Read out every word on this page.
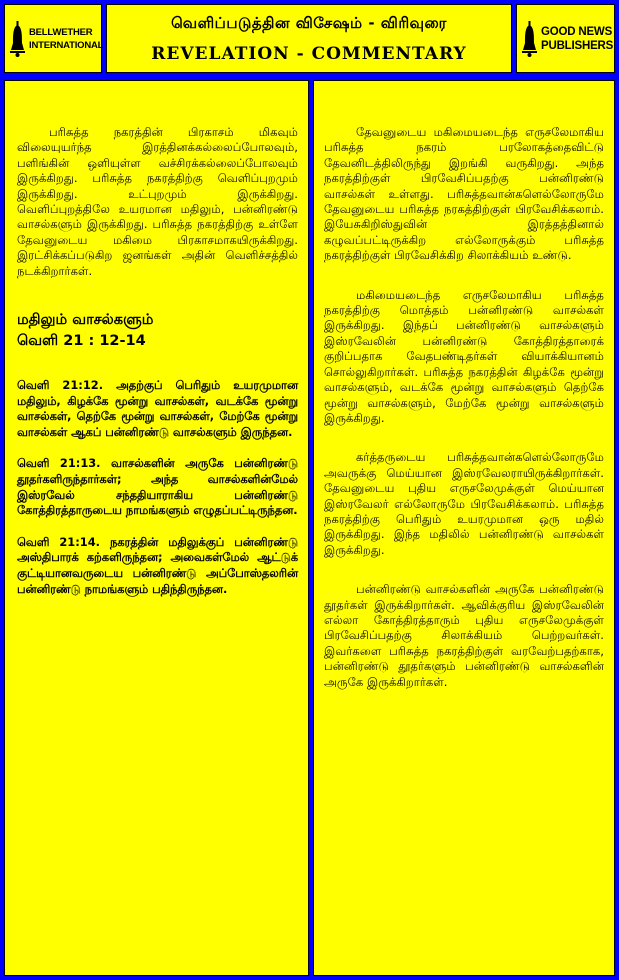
BELLWETHER
INTERNATIONAL
வெளிப்படுத்தின விசேஷம் - விரிவுரை
REVELATION - COMMENTARY
GOOD NEWS
PUBLISHERS

பரிசுத்த நகரத்தின் பிரகாசம் மிகவும் விலையுயர்ந்த இரத்தினக்கல்லைப்போலவும், பளிங்கின் ஒளியுள்ள வச்சிரக்கல்லைப்போலவும் இருக்கிறது. பரிசுத்த நகரத்திற்கு வெளிப்புறமும் இருக்கிறது. உட்புறமும் இருக்கிறது. வெளிப்புறத்திலே உயரமான மதிலும், பன்னிரண்டு வாசல்களும் இருக்கிறது. பரிசுத்த நகரத்திற்கு உள்ளே தேவனுடைய மகிமை பிரகாசமாகயிருக்கிறது. இரட்சிக்கப்படுகிற ஜனங்கள் அதின் வெளிச்சத்தில் நடக்கிறார்கள்.

மதிலும் வாசல்களும்
வெளி 21 : 12-14

வெளி 21:12. அதற்குப் பெரிதும் உயரமுமான மதிலும், கிழக்கே மூன்று வாசல்கள், வடக்கே மூன்று வாசல்கள், தெற்கே மூன்று வாசல்கள், மேற்கே மூன்று வாசல்கள் ஆகப் பன்னிரண்டு வாசல்களும் இருந்தன.

வெளி 21:13. வாசல்களின் அருகே பன்னிரண்டு தூதர்களிருந்தார்கள்; அந்த வாசல்களின்மேல் இஸ்ரவேல் சந்ததியாராகிய பன்னிரண்டு கோத்திரத்தாருடைய நாமங்களும் எழுதப்பட்டிருந்தன.

வெளி 21:14. நகரத்தின் மதிலுக்குப் பன்னிரண்டு அஸ்திபாரக் கற்களிருந்தன; அவைகள்மேல் ஆட்டுக் குட்டியானவருடைய பன்னிரண்டு அப்போஸ்தலரின் பன்னிரண்டு நாமங்களும் பதிந்திருந்தன.

தேவனுடைய மகிமையடைந்த எருசலேமாகிய பரிசுத்த நகரம் பரலோகத்தைவிட்டு தேவனிடத்திலிருந்து இறங்கி வருகிறது. அந்த நகரத்திற்குள் பிரவேசிப்பதற்கு பன்னிரண்டு வாசல்கள் உள்ளது. பரிசுத்தவான்களெல்லோருமே தேவனுடைய பரிசுத்த நரகத்திற்குள் பிரவேசிக்கலாம். இயேசுகிறிஸ்துவின் இரத்தத்தினால் கழுவப்பட்டிருக்கிற எல்லோருக்கும் பரிசுத்த நகரத்திற்குள் பிரவேசிக்கிற சிலாக்கியம் உண்டு.

மகிமையடைந்த எருசலேமாகிய பரிசுத்த நகரத்திற்கு மொத்தம் பன்னிரண்டு வாசல்கள் இருக்கிறது. இந்தப் பன்னிரண்டு வாசல்களும் இஸ்ரவேலின் பன்னிரண்டு கோத்திரத்தாரைக் குறிப்பதாக வேதபண்டிதர்கள் வியாக்கியானம் சொல்லுகிறார்கள். பரிசுத்த நகரத்தின் கிழக்கே மூன்று வாசல்களும், வடக்கே மூன்று வாசல்களும் தெற்கே மூன்று வாசல்களும், மேற்கே மூன்று வாசல்களும் இருக்கிறது.

கர்த்தருடைய பரிசுத்தவான்களெல்லோருமே அவருக்கு மெய்யான இஸ்ரவேலராயிருக்கிறார்கள். தேவனுடைய புதிய எருசலேமுக்குள் மெய்யான இஸ்ரவேலர் எல்லோருமே பிரவேசிக்கலாம். பரிசுத்த நகரத்திற்கு பெரிதும் உயரமுமான ஒரு மதில் இருக்கிறது. இந்த மதிலில் பன்னிரண்டு வாசல்கள் இருக்கிறது.

பன்னிரண்டு வாசல்களின் அருகே பன்னிரண்டு தூதர்கள் இருக்கிறார்கள். ஆவிக்குரிய இஸ்ரவேலின் எல்லா கோத்திரத்தாரும் புதிய எருசலேமுக்குள் பிரவேசிப்பதற்கு சிலாக்கியம் பெற்றவர்கள். இவர்களை பரிசுத்த நகரத்திற்குள் வரவேற்பதற்காக, பன்னிரண்டு தூதர்களும் பன்னிரண்டு வாசல்களின் அருகே இருக்கிறார்கள்.
